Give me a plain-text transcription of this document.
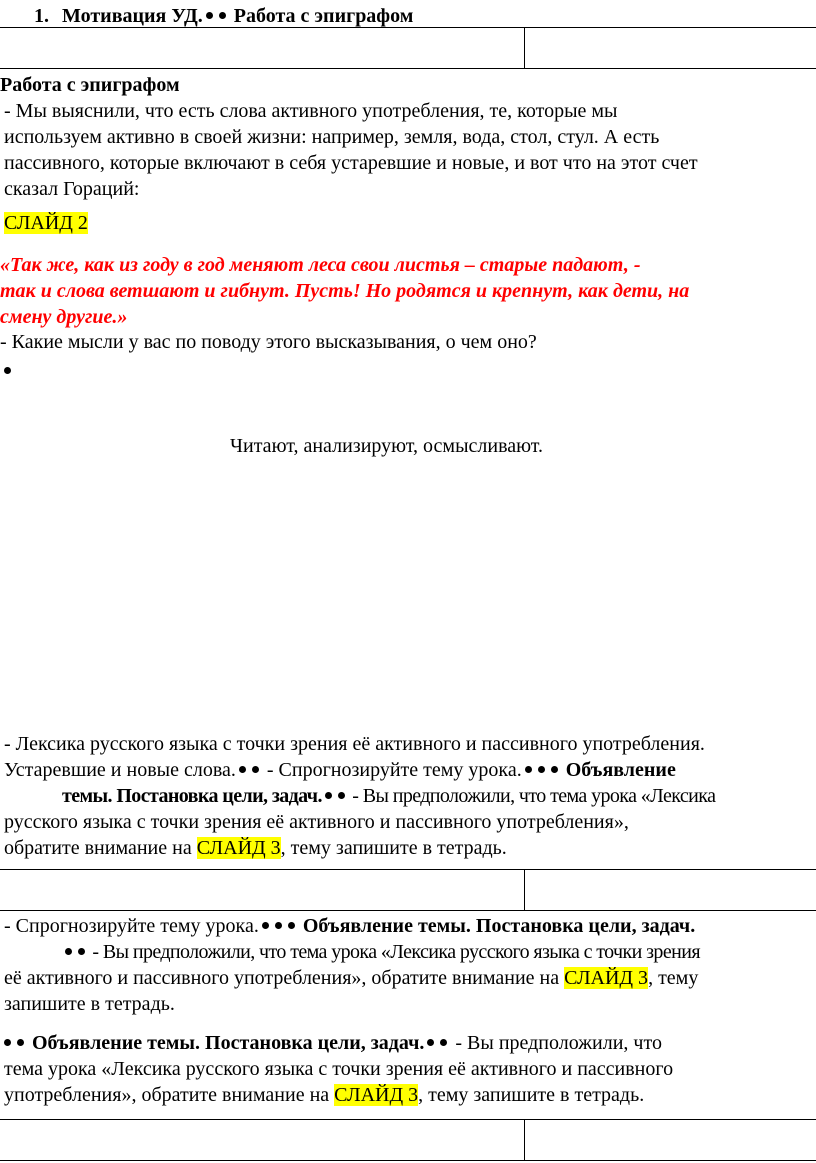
1. Мотивация УД. Работа с эпиграфом
Работа с эпиграфом
- Мы выяснили, что есть слова активного употребления, те, которые мы
используем активно в своей жизни: например, земля, вода, стол, стул. А есть
пассивного, которые включают в себя устаревшие и новые, и вот что на этот счет
сказал Гораций:
СЛАЙД 2
«Так же, как из году в год меняют леса свои листья – старые падают, -
так и слова ветшают и гибнут. Пусть! Но родятся и крепнут, как дети, на
смену другие.»
- Какие мысли у вас по поводу этого высказывания, о чем оно?
Читают, анализируют, осмысливают.
- Лексика русского языка с точки зрения её активного и пассивного употребления.
Устаревшие и новые слова. - Спрогнозируйте тему урока. Объявление
темы. Постановка цели, задач. - Вы предположили, что тема урока «Лексика
русского языка с точки зрения её активного и пассивного употребления»,
обратите внимание на СЛАЙД 3, тему запишите в тетрадь.
- Спрогнозируйте тему урока. Объявление темы. Постановка цели, задач.
- Вы предположили, что тема урока «Лексика русского языка с точки зрения
её активного и пассивного употребления», обратите внимание на СЛАЙД 3, тему
запишите в тетрадь.
Объявление темы. Постановка цели, задач. - Вы предположили, что
тема урока «Лексика русского языка с точки зрения её активного и пассивного
употребления», обратите внимание на СЛАЙД 3, тему запишите в тетрадь.
